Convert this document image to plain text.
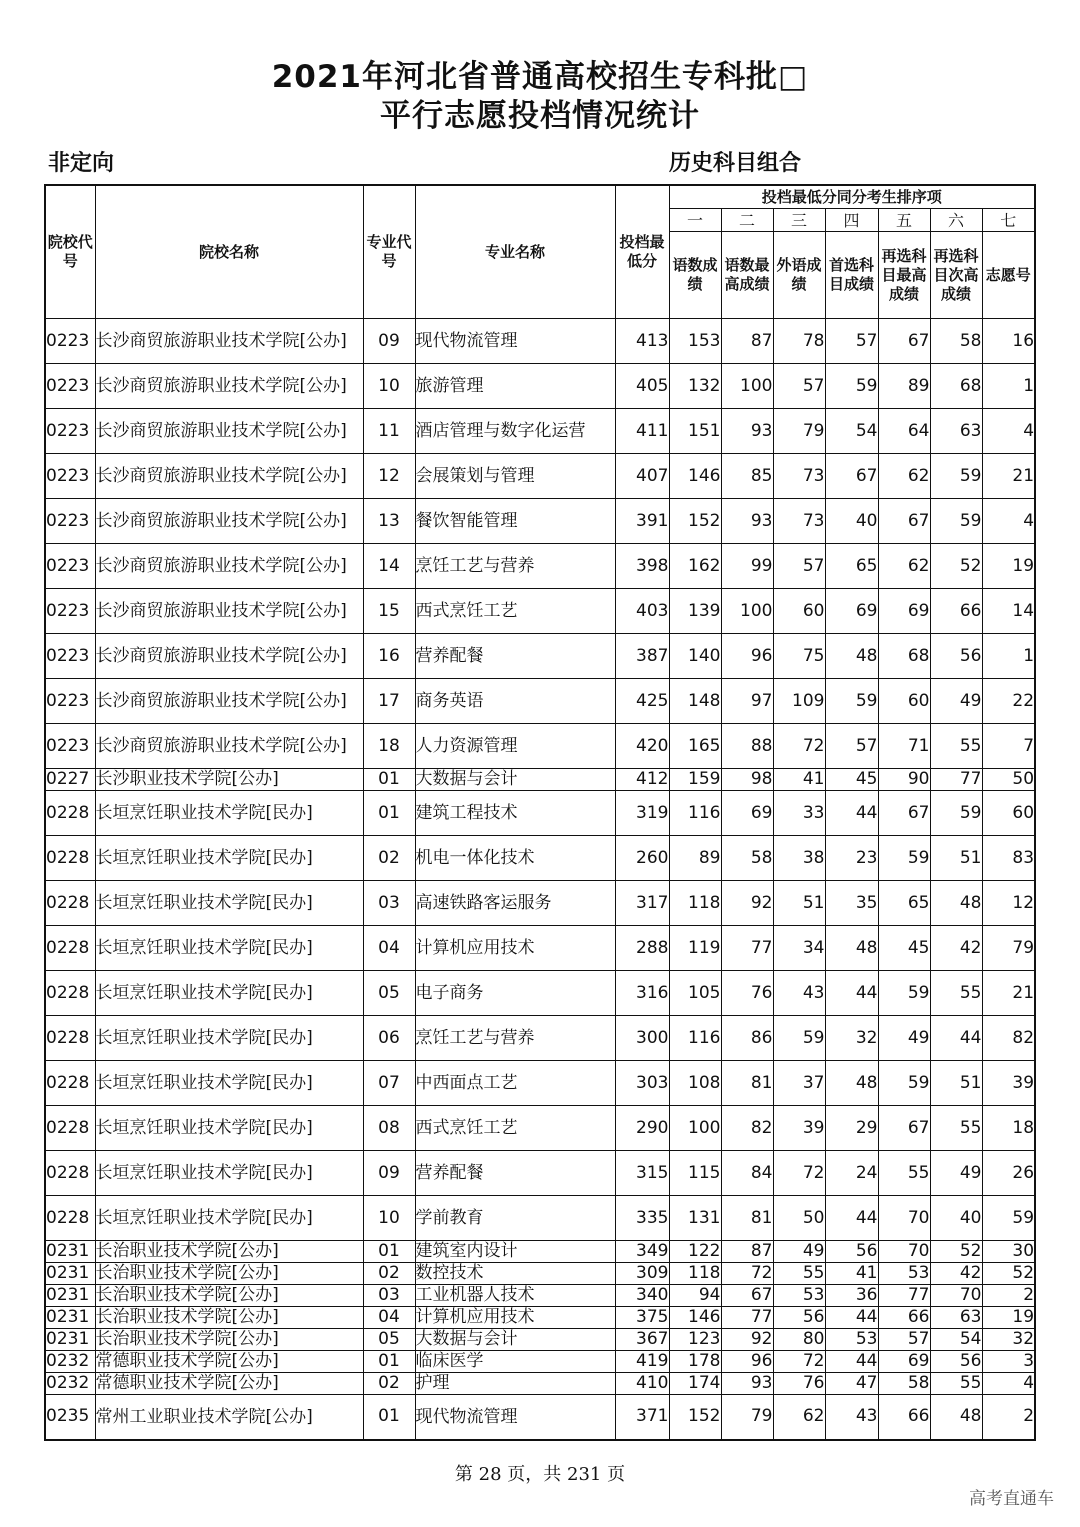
2021年河北省普通高校招生专科批□
平行志愿投档情况统计
非定向	历史科目组合
院校代号	院校名称	专业代号	专业名称	投档最低分	投档最低分同分考生排序项						
					一	二	三	四	五	六	七
					语数成绩	语数最高成绩	外语成绩	首选科目成绩	再选科目最高成绩	再选科目次高成绩	志愿号
0223	长沙商贸旅游职业技术学院[公办]	09	现代物流管理	413	153	87	78	57	67	58	16
0223	长沙商贸旅游职业技术学院[公办]	10	旅游管理	405	132	100	57	59	89	68	1
0223	长沙商贸旅游职业技术学院[公办]	11	酒店管理与数字化运营	411	151	93	79	54	64	63	4
0223	长沙商贸旅游职业技术学院[公办]	12	会展策划与管理	407	146	85	73	67	62	59	21
0223	长沙商贸旅游职业技术学院[公办]	13	餐饮智能管理	391	152	93	73	40	67	59	4
0223	长沙商贸旅游职业技术学院[公办]	14	烹饪工艺与营养	398	162	99	57	65	62	52	19
0223	长沙商贸旅游职业技术学院[公办]	15	西式烹饪工艺	403	139	100	60	69	69	66	14
0223	长沙商贸旅游职业技术学院[公办]	16	营养配餐	387	140	96	75	48	68	56	1
0223	长沙商贸旅游职业技术学院[公办]	17	商务英语	425	148	97	109	59	60	49	22
0223	长沙商贸旅游职业技术学院[公办]	18	人力资源管理	420	165	88	72	57	71	55	7
0227	长沙职业技术学院[公办]	01	大数据与会计	412	159	98	41	45	90	77	50
0228	长垣烹饪职业技术学院[民办]	01	建筑工程技术	319	116	69	33	44	67	59	60
0228	长垣烹饪职业技术学院[民办]	02	机电一体化技术	260	89	58	38	23	59	51	83
0228	长垣烹饪职业技术学院[民办]	03	高速铁路客运服务	317	118	92	51	35	65	48	12
0228	长垣烹饪职业技术学院[民办]	04	计算机应用技术	288	119	77	34	48	45	42	79
0228	长垣烹饪职业技术学院[民办]	05	电子商务	316	105	76	43	44	59	55	21
0228	长垣烹饪职业技术学院[民办]	06	烹饪工艺与营养	300	116	86	59	32	49	44	82
0228	长垣烹饪职业技术学院[民办]	07	中西面点工艺	303	108	81	37	48	59	51	39
0228	长垣烹饪职业技术学院[民办]	08	西式烹饪工艺	290	100	82	39	29	67	55	18
0228	长垣烹饪职业技术学院[民办]	09	营养配餐	315	115	84	72	24	55	49	26
0228	长垣烹饪职业技术学院[民办]	10	学前教育	335	131	81	50	44	70	40	59
0231	长治职业技术学院[公办]	01	建筑室内设计	349	122	87	49	56	70	52	30
0231	长治职业技术学院[公办]	02	数控技术	309	118	72	55	41	53	42	52
0231	长治职业技术学院[公办]	03	工业机器人技术	340	94	67	53	36	77	70	2
0231	长治职业技术学院[公办]	04	计算机应用技术	375	146	77	56	44	66	63	19
0231	长治职业技术学院[公办]	05	大数据与会计	367	123	92	80	53	57	54	32
0232	常德职业技术学院[公办]	01	临床医学	419	178	96	72	44	69	56	3
0232	常德职业技术学院[公办]	02	护理	410	174	93	76	47	58	55	4
0235	常州工业职业技术学院[公办]	01	现代物流管理	371	152	79	62	43	66	48	2
第 28 页，共 231 页
高考直通车
